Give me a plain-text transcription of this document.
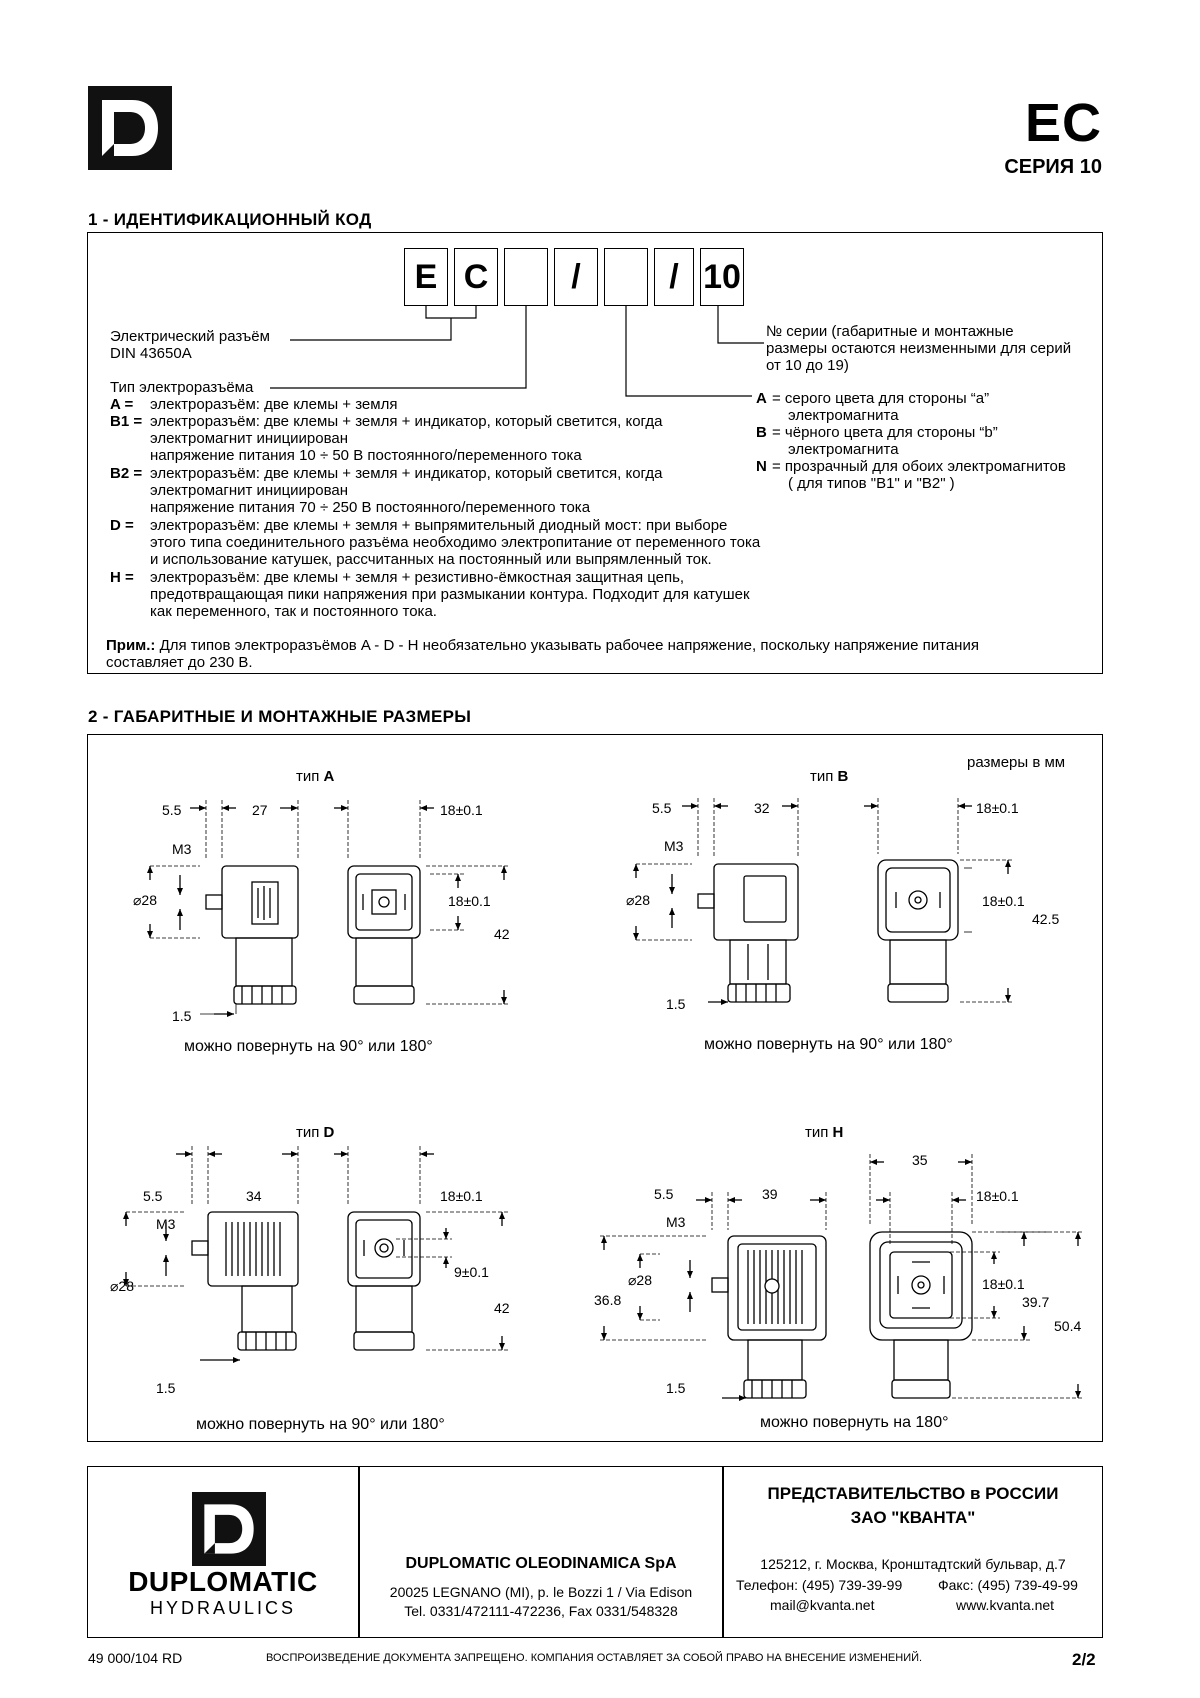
EC
СЕРИЯ 10
1 - ИДЕНТИФИКАЦИОННЫЙ КОД
E C	/	/ 10
Электрический разъём
DIN 43650A
Тип электроразъёма
A = электроразъём: две клемы + земля
B1 = электроразъём: две клемы + земля + индикатор, который светится, когда
электромагнит инициирован
напряжение питания 10 ÷ 50 В постоянного/переменного тока
B2 = электроразъём: две клемы + земля + индикатор, который светится, когда
электромагнит инициирован
напряжение питания 70 ÷ 250 В постоянного/переменного тока
D = электроразъём: две клемы + земля + выпрямительный диодный мост: при выборе
этого типа соединительного разъёма необходимо электропитание от переменного тока
и использование катушек, рассчитанных на постоянный или выпрямленный ток.
H = электроразъём: две клемы + земля + резистивно-ёмкостная защитная цепь,
предотвращающая пики напряжения при размыкании контура. Подходит для катушек
как переменного, так и постоянного тока.
№ серии (габаритные и монтажные
размеры остаются неизменными для серий
от 10 до 19)
A = серого цвета для стороны “a”
электромагнита
B = чёрного цвета для стороны “b”
электромагнита
N = прозрачный для обоих электромагнитов
( для типов "B1" и "B2" )
Прим.: Для типов электроразъёмов A - D - H необязательно указывать рабочее напряжение, поскольку напряжение питания
составляет до 230 В.
2 - ГАБАРИТНЫЕ И МОНТАЖНЫЕ РАЗМЕРЫ
размеры в мм
тип A	тип B
тип D	тип H
5.5	27
M3
⌀28
1.5
18±0.1
18±0.1
42
можно повернуть на 90° или 180°
5.5	32
M3
⌀28
1.5
18±0.1
18±0.1
42.5
можно повернуть на 90° или 180°
5.5	34
M3
⌀28
1.5
18±0.1
9±0.1
42
можно повернуть на 90° или 180°
5.5	39
M3
⌀28
36.8
1.5
35
18±0.1
18±0.1
39.7
50.4
можно повернуть на 180°
DUPLOMATIC
HYDRAULICS
DUPLOMATIC OLEODINAMICA SpA
20025 LEGNANO (MI), p. le Bozzi 1 / Via Edison
Tel. 0331/472111-472236, Fax 0331/548328
ПРЕДСТАВИТЕЛЬСТВО в РОССИИ
ЗАО "КВАНТА"
125212, г. Москва, Кронштадтский бульвар, д.7
Телефон: (495) 739-39-99	Факс: (495) 739-49-99
mail@kvanta.net	www.kvanta.net
49 000/104 RD	ВОСПРОИЗВЕДЕНИЕ ДОКУМЕНТА ЗАПРЕЩЕНО. КОМПАНИЯ ОСТАВЛЯЕТ ЗА СОБОЙ ПРАВО НА ВНЕСЕНИЕ ИЗМЕНЕНИЙ.	2/2
